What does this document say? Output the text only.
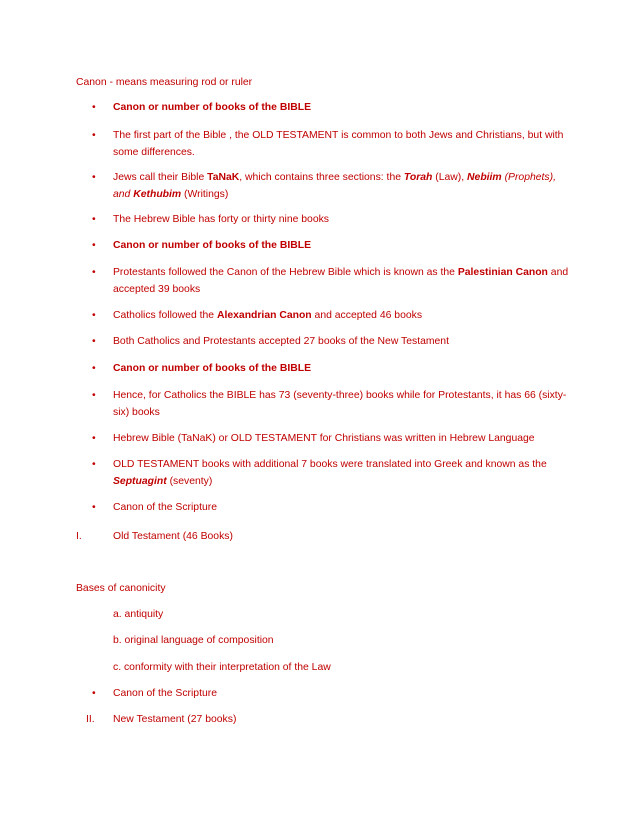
Canon - means measuring rod or ruler
•	Canon or number of books of the BIBLE
•	The first part of the Bible , the OLD TESTAMENT is common to both Jews and Christians, but with some differences.
•	Jews call their Bible TaNaK, which contains three sections: the Torah (Law), Nebiim (Prophets), and Kethubim (Writings)
•	The Hebrew Bible has forty or thirty nine books
•	Canon or number of books of the BIBLE
•	Protestants followed the Canon of the Hebrew Bible which is known as the Palestinian Canon and accepted 39 books
•	Catholics followed the Alexandrian Canon and accepted 46 books
•	Both Catholics and Protestants accepted 27 books of the New Testament
•	Canon or number of books of the BIBLE
•	Hence, for Catholics the BIBLE has 73 (seventy-three) books while for Protestants, it has 66 (sixty-six) books
•	Hebrew Bible (TaNaK) or OLD TESTAMENT for Christians was written in Hebrew Language
•	OLD TESTAMENT books with additional 7 books were translated into Greek and known as the Septuagint (seventy)
•	Canon of the Scripture
I.	Old Testament (46 Books)
Bases of canonicity
a. antiquity
b. original language of composition
c. conformity with their interpretation of the Law
•	Canon of the Scripture
II.	New Testament (27 books)
